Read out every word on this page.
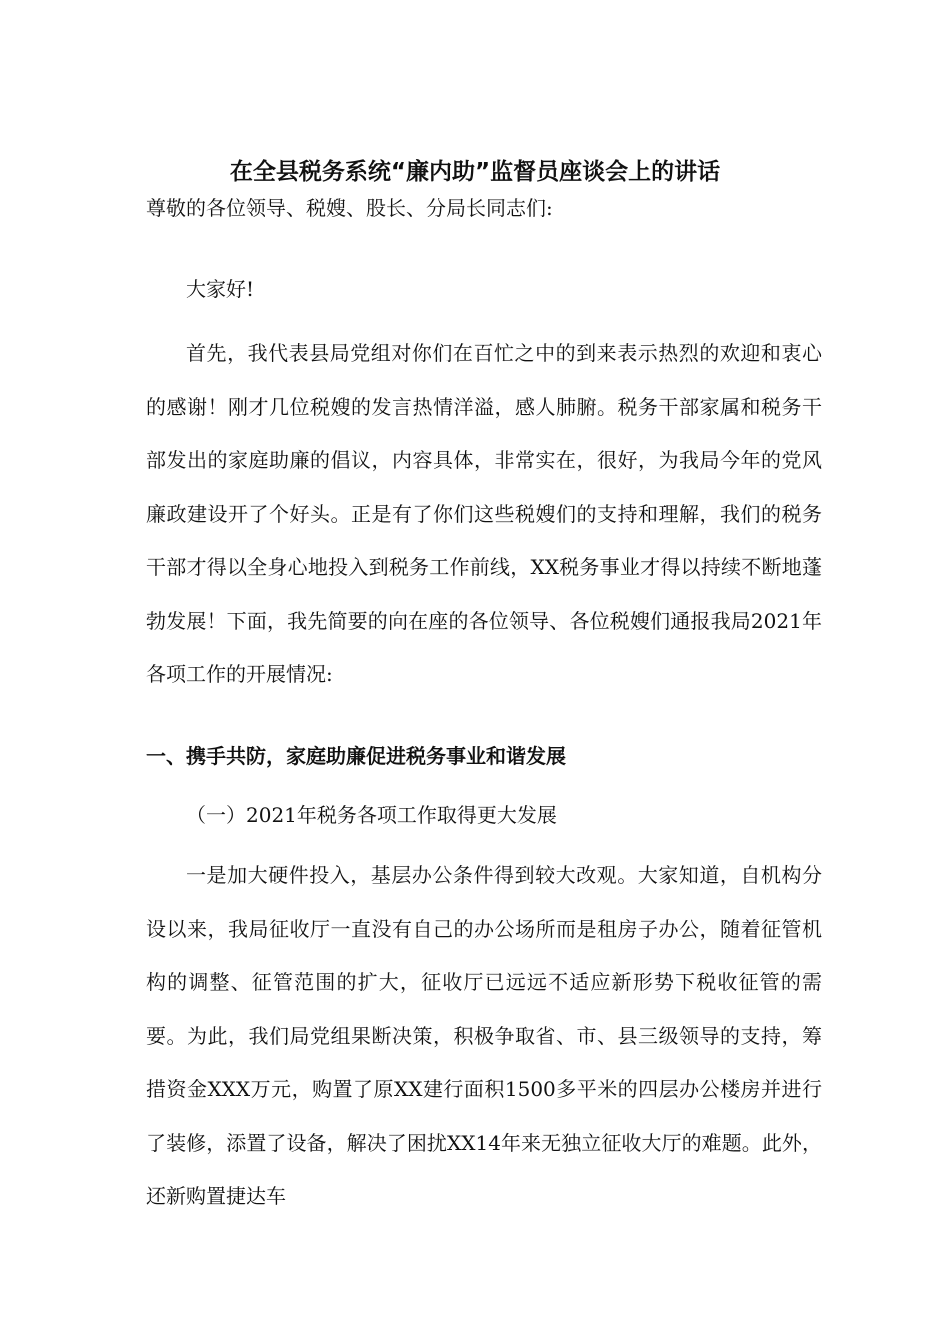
在全县税务系统“廉内助”监督员座谈会上的讲话
尊敬的各位领导、税嫂、股长、分局长同志们:
大家好!
首先，我代表县局党组对你们在百忙之中的到来表示热烈的欢迎和衷心的感谢！刚才几位税嫂的发言热情洋溢，感人肺腑。税务干部家属和税务干部发出的家庭助廉的倡议，内容具体，非常实在，很好，为我局今年的党风廉政建设开了个好头。正是有了你们这些税嫂们的支持和理解，我们的税务干部才得以全身心地投入到税务工作前线，XX税务事业才得以持续不断地蓬勃发展！下面，我先简要的向在座的各位领导、各位税嫂们通报我局2021年各项工作的开展情况:
一、携手共防，家庭助廉促进税务事业和谐发展
（一）2021年税务各项工作取得更大发展
一是加大硬件投入，基层办公条件得到较大改观。大家知道，自机构分设以来，我局征收厅一直没有自己的办公场所而是租房子办公，随着征管机构的调整、征管范围的扩大，征收厅已远远不适应新形势下税收征管的需要。为此，我们局党组果断决策，积极争取省、市、县三级领导的支持，筹措资金XXX万元，购置了原XX建行面积1500多平米的四层办公楼房并进行了装修，添置了设备，解决了困扰XX14年来无独立征收大厅的难题。此外，还新购置捷达车
